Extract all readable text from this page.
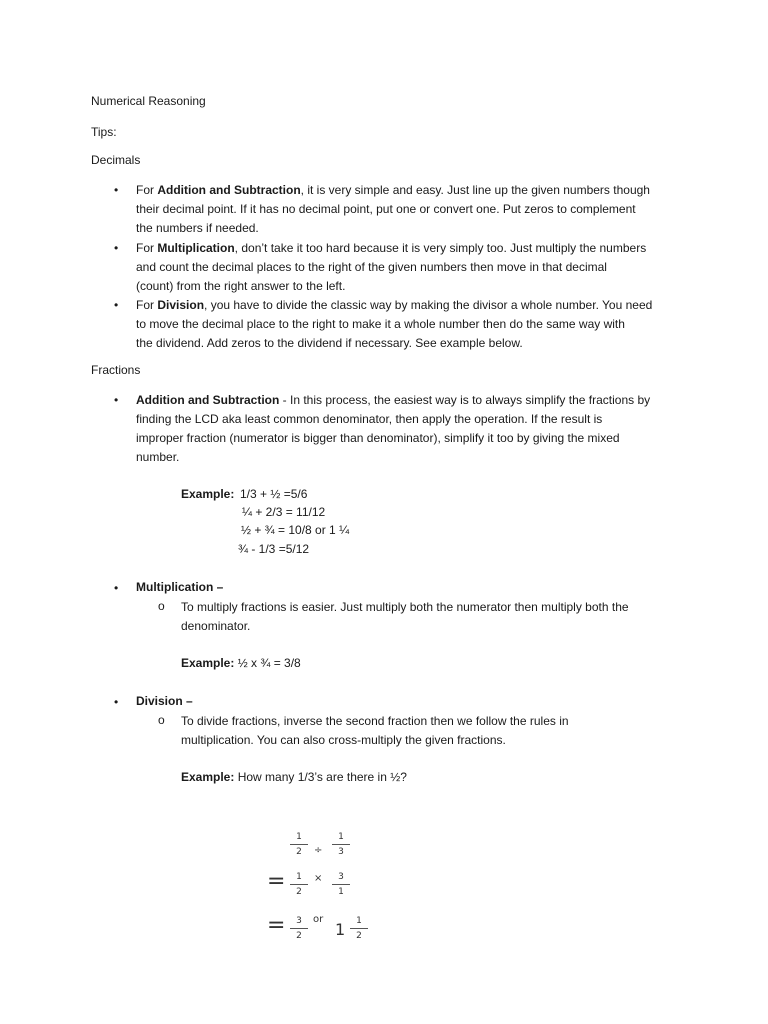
Numerical Reasoning
Tips:
Decimals
• For Addition and Subtraction, it is very simple and easy. Just line up the given numbers though
their decimal point. If it has no decimal point, put one or convert one. Put zeros to complement
the numbers if needed.
• For Multiplication, don’t take it too hard because it is very simply too. Just multiply the numbers
and count the decimal places to the right of the given numbers then move in that decimal
(count) from the right answer to the left.
• For Division, you have to divide the classic way by making the divisor a whole number. You need
to move the decimal place to the right to make it a whole number then do the same way with
the dividend. Add zeros to the dividend if necessary. See example below.
Fractions
• Addition and Subtraction - In this process, the easiest way is to always simplify the fractions by
finding the LCD aka least common denominator, then apply the operation. If the result is
improper fraction (numerator is bigger than denominator), simplify it too by giving the mixed
number.
Example: 1/3 + ½ =5/6
¼ + 2/3 = 11/12
½ + ¾ = 10/8 or 1 ¼
¾ - 1/3 =5/12
• Multiplication –
o To multiply fractions is easier. Just multiply both the numerator then multiply both the
denominator.
Example: ½ x ¾ = 3/8
• Division –
o To divide fractions, inverse the second fraction then we follow the rules in
multiplication. You can also cross-multiply the given fractions.
Example: How many 1/3’s are there in ½?
1
2	÷
1
3
=	1
2
×	3
1
=	3
2
or
1	1
2
